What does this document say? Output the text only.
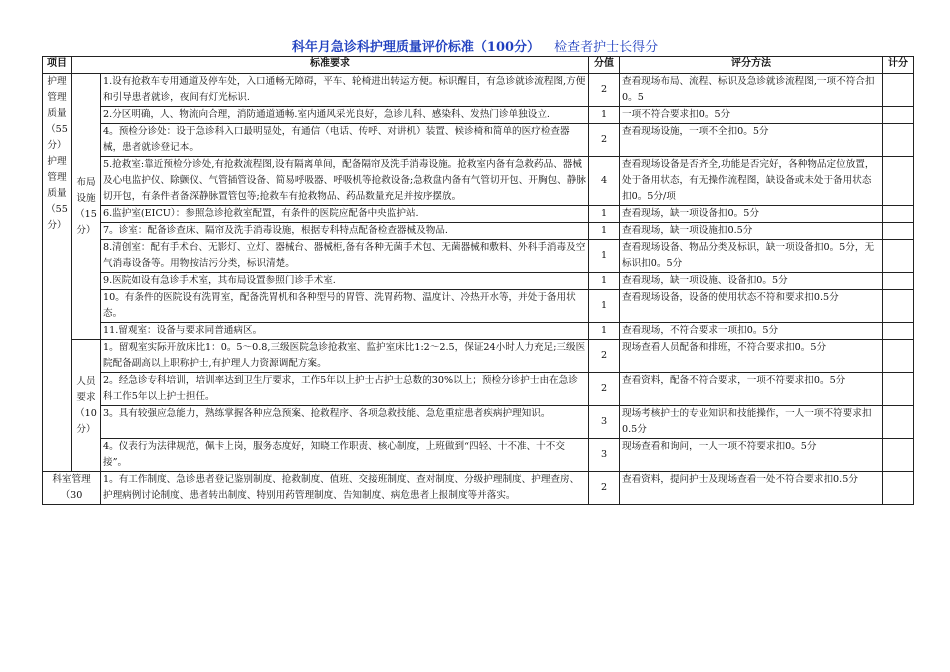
科年月急诊科护理质量评价标准（100分） 检查者护士长得分
项目	标准要求		分值	评分方法	计分
护理管理质量（55分）护理管理质量（55分）	布局设施（15分）	1.设有抢救车专用通道及停车处，入口通畅无障碍，平车、轮椅进出转运方便。标识醒目，有急诊就诊流程图,方便和引导患者就诊，夜间有灯光标识.	2	查看现场布局、流程、标识及急诊就诊流程图,一项不符合扣0。5	
		2.分区明确，人、物流向合理，消防通道通畅.室内通风采光良好，急诊儿科、感染科、发热门诊单独设立.	1	一项不符合要求扣0。5分	
		4。预检分诊处：设于急诊科入口最明显处，有通信（电话、传呼、对讲机）装置、候诊椅和简单的医疗检查器械，患者就诊登记本。	2	查看现场设施，一项不全扣0。5分	
		5.抢救室:靠近预检分诊处,有抢救流程图,设有隔离单间，配备隔帘及洗手消毒设施。抢救室内备有急救药品、器械及心电监护仪、除颤仪、气管插管设备、简易呼吸器、呼吸机等抢救设备;急救盘内备有气管切开包、开胸包、静脉切开包，有条件者备深静脉置管包等;抢救车有抢救物品、药品数量充足并按序摆放。	4	查看现场设备是否齐全,功能是否完好，各种物品定位放置，处于备用状态，有无操作流程图，缺设备或未处于备用状态扣0。5分/项	
		6.监护室(EICU）：参照急诊抢救室配置，有条件的医院应配备中央监护站.	1	查看现场，缺一项设备扣0。5分	
		7。诊室：配备诊查床、隔帘及洗手消毒设施，根据专科特点配备检查器械及物品.	1	查看现场，缺一项设施扣0.5分	
		8.清创室：配有手术台、无影灯、立灯、器械台、器械柜,备有各种无菌手术包、无菌器械和敷料、外科手消毒及空气消毒设备等。用物按洁污分类，标识清楚。	1	查看现场设备、物品分类及标识，缺一项设备扣0。5分，无标识扣0。5分	
		9.医院如设有急诊手术室，其布局设置参照门诊手术室.	1	查看现场，缺一项设施、设备扣0。5分	
		10。有条件的医院设有洗胃室，配备洗胃机和各种型号的胃管、洗胃药物、温度计、冷热开水等，并处于备用状态。	1	查看现场设备，设备的使用状态不符和要求扣0.5分	
		11.留观室：设备与要求同普通病区。	1	查看现场，不符合要求一项扣0。5分	
	人员要求（10分）	1。留观室实际开放床比1：0。5～0.8,三级医院急诊抢救室、监护室床比1:2～2.5，保证24小时人力充足;三级医院配备副高以上职称护士,有护理人力资源调配方案。	2	现场查看人员配备和排班，不符合要求扣0。5分	
		2。经急诊专科培训，培训率达到卫生厅要求，工作5年以上护士占护士总数的30%以上；预检分诊护士由在急诊科工作5年以上护士担任。	2	查看资料，配备不符合要求，一项不符要求扣0。5分	
		3。具有较强应急能力，熟练掌握各种应急预案、抢救程序、各项急救技能、急危重症患者疾病护理知识。	3	现场考核护士的专业知识和技能操作，一人一项不符要求扣0.5分	
		4。仪表行为法律规范，佩卡上岗，服务态度好，知晓工作职责、核心制度，上班做到“四轻、十不准、十不交接”。	3	现场查看和询问，一人一项不符要求扣0。5分	
科室管理（30		1。有工作制度、急诊患者登记鉴别制度、抢救制度、值班、交接班制度、查对制度、分级护理制度、护理查房、护理病例讨论制度、患者转出制度、特别用药管理制度、告知制度、病危患者上报制度等并落实。	2	查看资料，提问护士及现场查看一处不符合要求扣0.5分	
